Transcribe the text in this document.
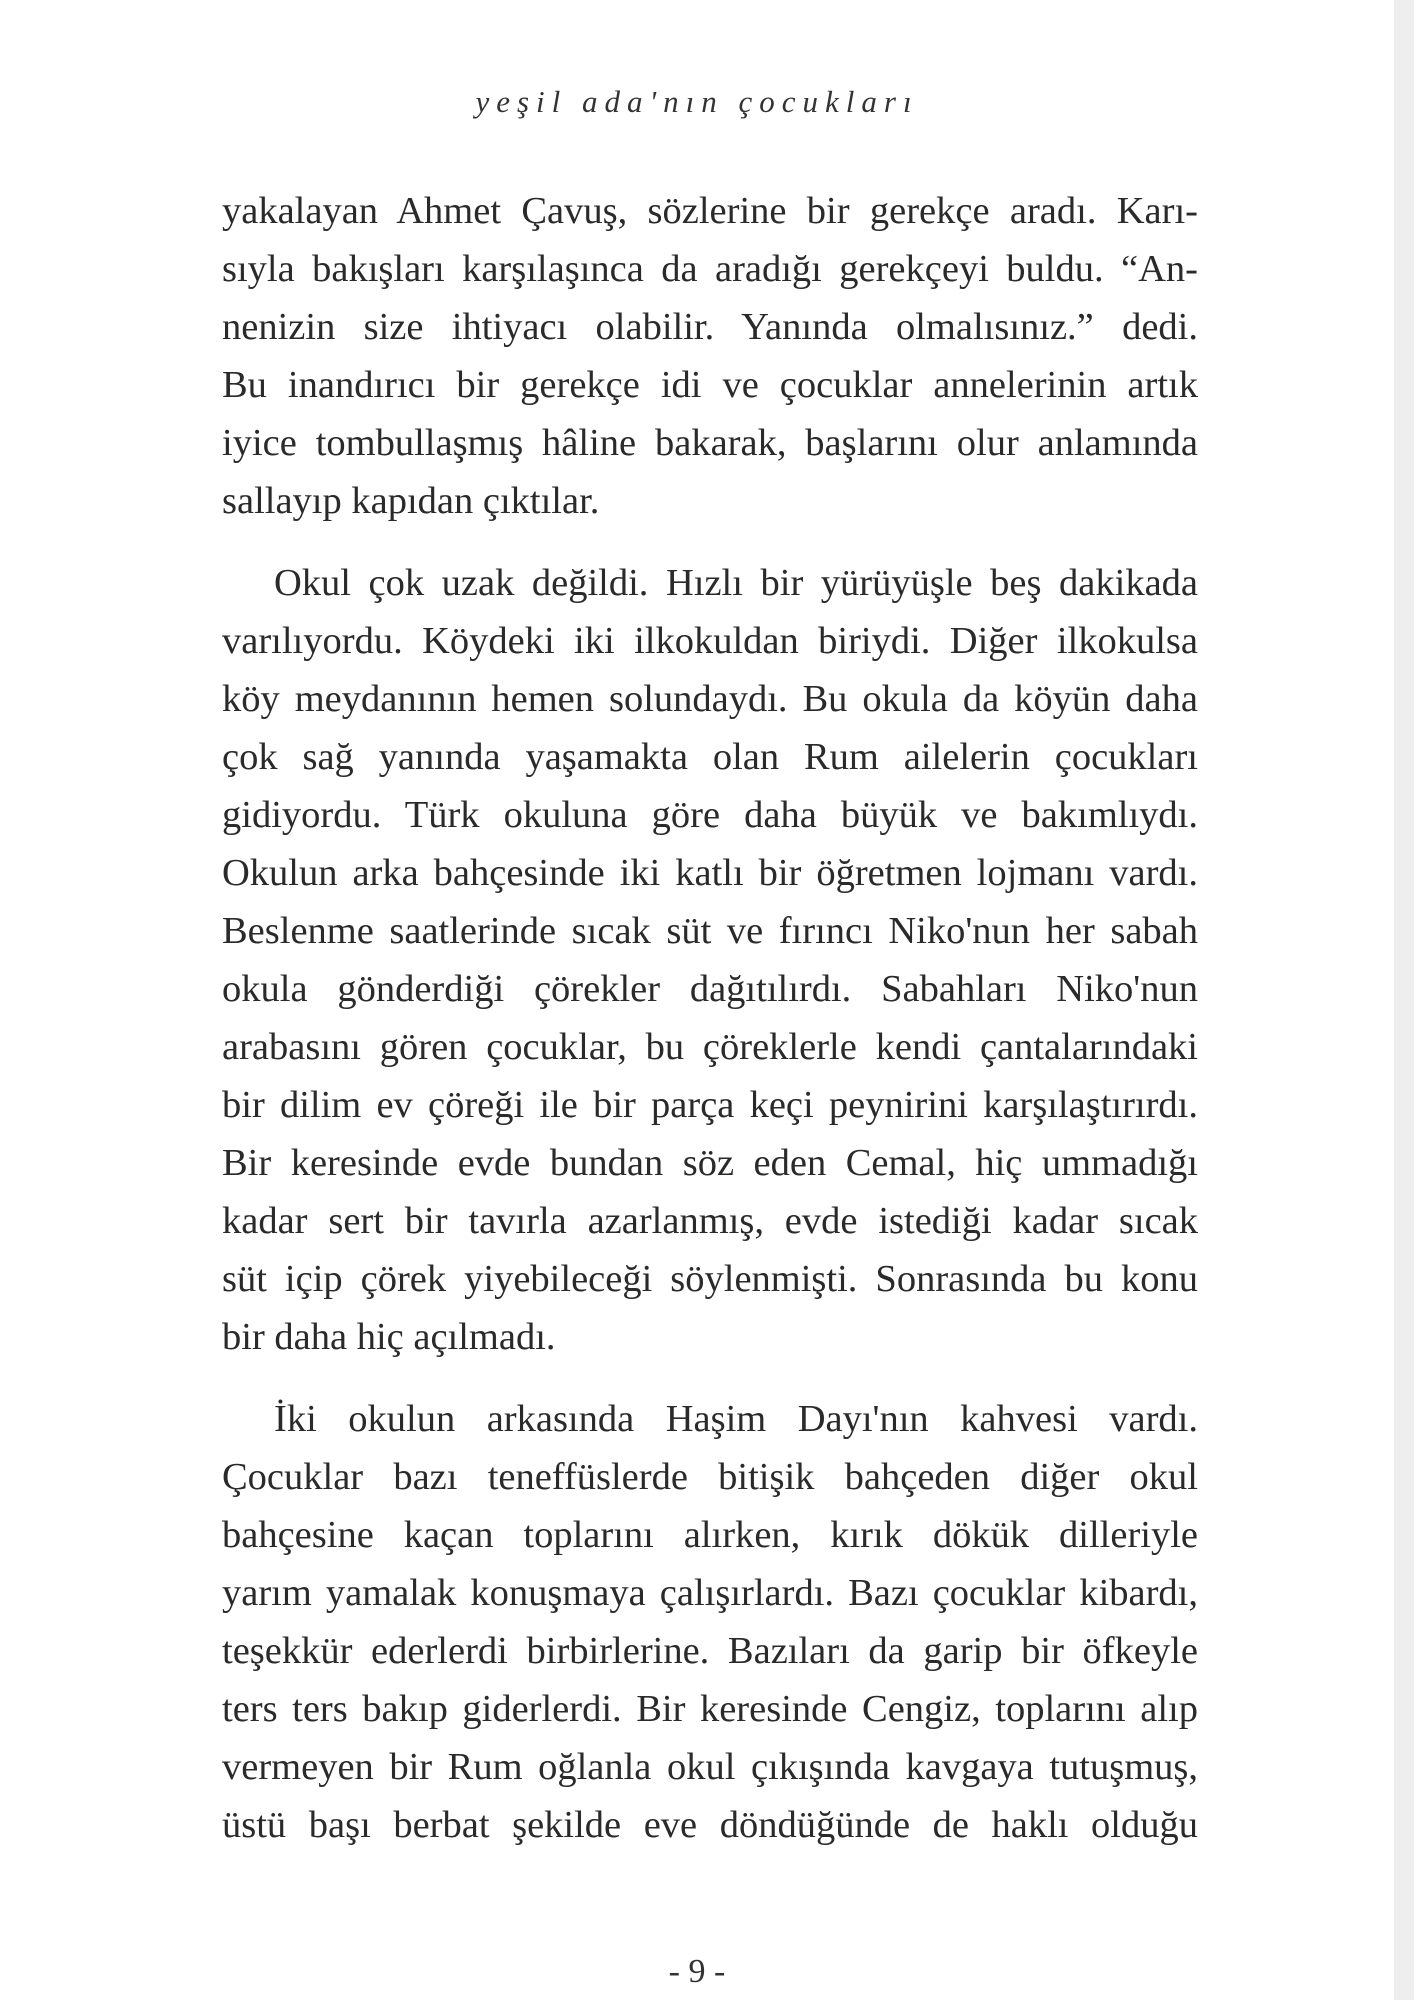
yeşil ada'nın çocukları
yakalayan Ahmet Çavuş, sözlerine bir gerekçe aradı. Karı-
sıyla bakışları karşılaşınca da aradığı gerekçeyi buldu. “An-
nenizin size ihtiyacı olabilir. Yanında olmalısınız.” dedi.
Bu inandırıcı bir gerekçe idi ve çocuklar annelerinin artık
iyice tombullaşmış hâline bakarak, başlarını olur anlamında
sallayıp kapıdan çıktılar.
Okul çok uzak değildi. Hızlı bir yürüyüşle beş dakikada
varılıyordu. Köydeki iki ilkokuldan biriydi. Diğer ilkokulsa
köy meydanının hemen solundaydı. Bu okula da köyün daha
çok sağ yanında yaşamakta olan Rum ailelerin çocukları
gidiyordu. Türk okuluna göre daha büyük ve bakımlıydı.
Okulun arka bahçesinde iki katlı bir öğretmen lojmanı vardı.
Beslenme saatlerinde sıcak süt ve fırıncı Niko'nun her sabah
okula gönderdiği çörekler dağıtılırdı. Sabahları Niko'nun
arabasını gören çocuklar, bu çöreklerle kendi çantalarındaki
bir dilim ev çöreği ile bir parça keçi peynirini karşılaştırırdı.
Bir keresinde evde bundan söz eden Cemal, hiç ummadığı
kadar sert bir tavırla azarlanmış, evde istediği kadar sıcak
süt içip çörek yiyebileceği söylenmişti. Sonrasında bu konu
bir daha hiç açılmadı.
İki okulun arkasında Haşim Dayı'nın kahvesi vardı.
Çocuklar bazı teneffüslerde bitişik bahçeden diğer okul
bahçesine kaçan toplarını alırken, kırık dökük dilleriyle
yarım yamalak konuşmaya çalışırlardı. Bazı çocuklar kibardı,
teşekkür ederlerdi birbirlerine. Bazıları da garip bir öfkeyle
ters ters bakıp giderlerdi. Bir keresinde Cengiz, toplarını alıp
vermeyen bir Rum oğlanla okul çıkışında kavgaya tutuşmuş,
üstü başı berbat şekilde eve döndüğünde de haklı olduğu
- 9 -
